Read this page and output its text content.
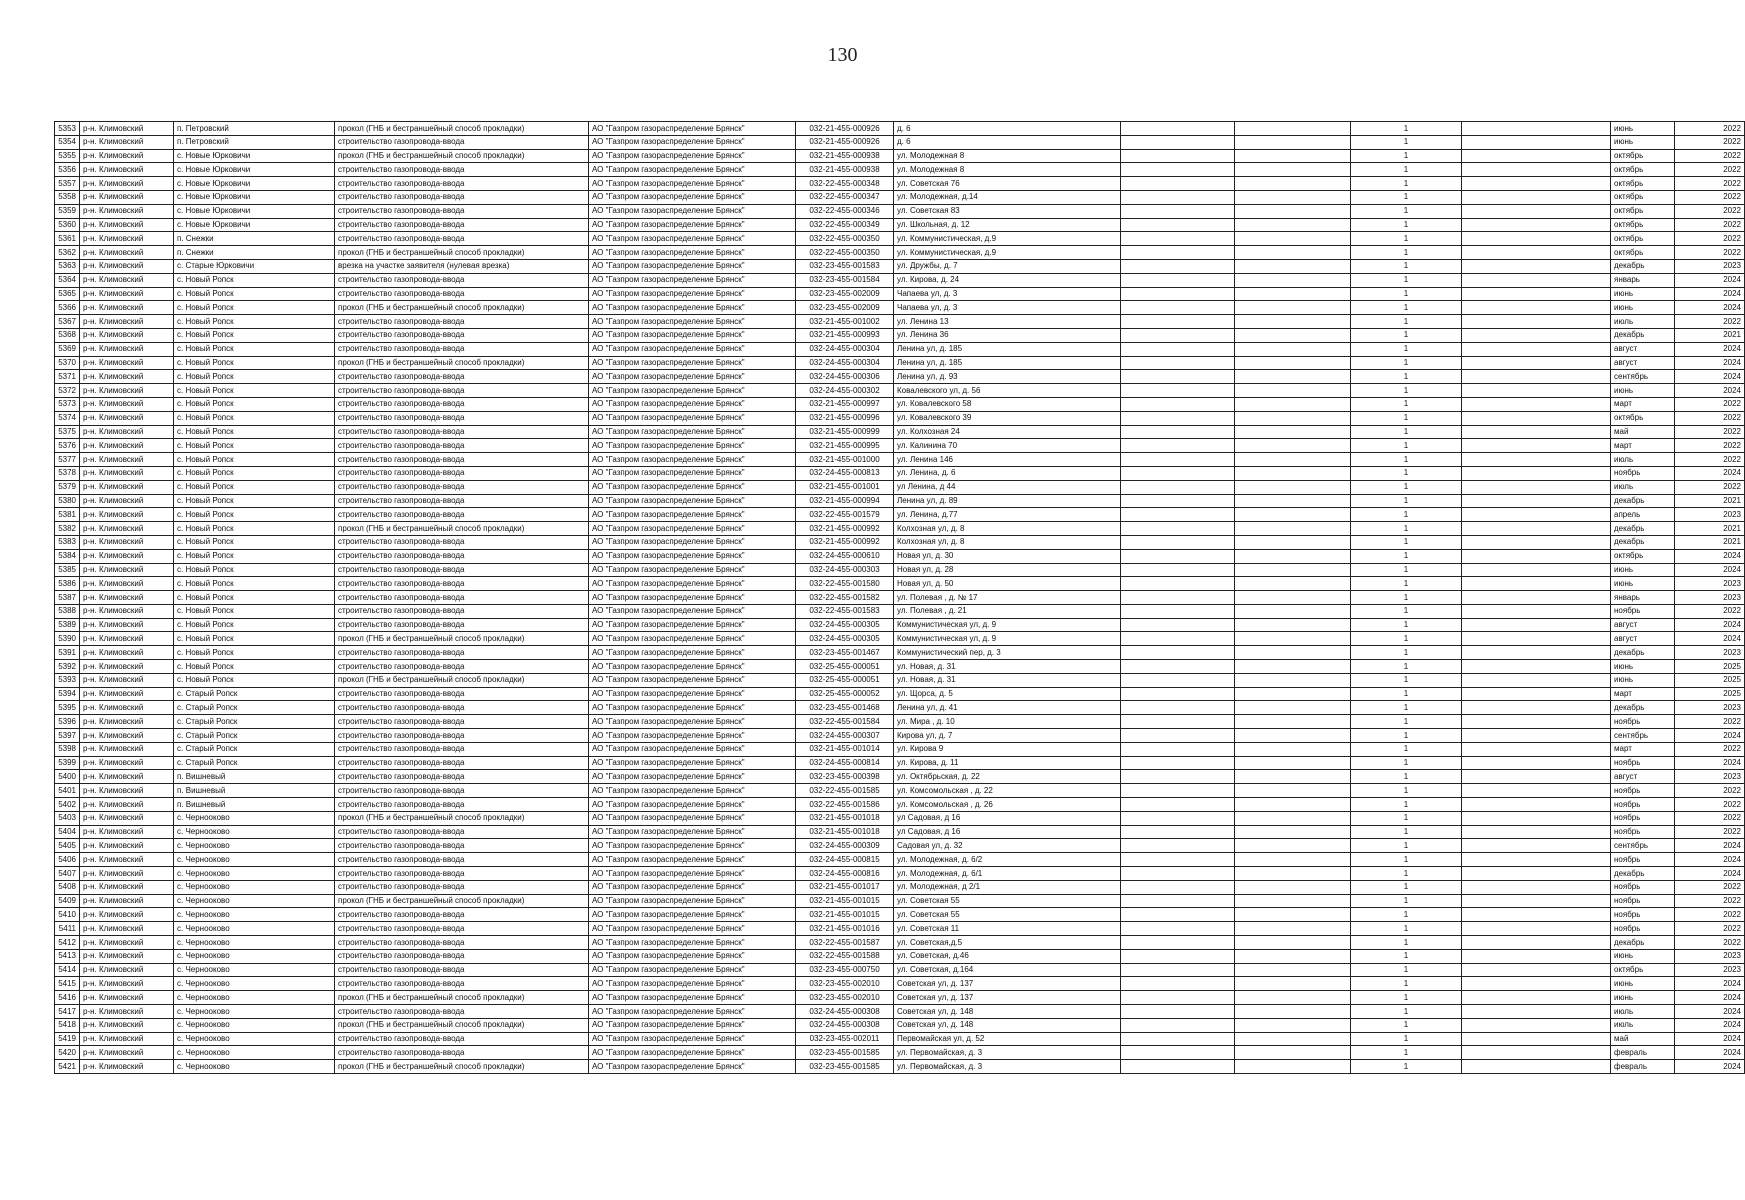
130
5353	р-н. Климовский	п. Петровский	прокол (ГНБ и бестраншейный способ прокладки)	АО "Газпром газораспределение Брянск"	032-21-455-000926	д. 6			1		июнь	2022
5354	р-н. Климовский	п. Петровский	строительство газопровода-ввода	АО "Газпром газораспределение Брянск"	032-21-455-000926	д. 6			1		июнь	2022
5355	р-н. Климовский	с. Новые Юрковичи	прокол (ГНБ и бестраншейный способ прокладки)	АО "Газпром газораспределение Брянск"	032-21-455-000938	ул. Молодежная 8			1		октябрь	2022
5356	р-н. Климовский	с. Новые Юрковичи	строительство газопровода-ввода	АО "Газпром газораспределение Брянск"	032-21-455-000938	ул. Молодежная 8			1		октябрь	2022
5357	р-н. Климовский	с. Новые Юрковичи	строительство газопровода-ввода	АО "Газпром газораспределение Брянск"	032-22-455-000348	ул. Советская 76			1		октябрь	2022
5358	р-н. Климовский	с. Новые Юрковичи	строительство газопровода-ввода	АО "Газпром газораспределение Брянск"	032-22-455-000347	ул. Молодежная, д.14			1		октябрь	2022
5359	р-н. Климовский	с. Новые Юрковичи	строительство газопровода-ввода	АО "Газпром газораспределение Брянск"	032-22-455-000346	ул. Советская 83			1		октябрь	2022
5360	р-н. Климовский	с. Новые Юрковичи	строительство газопровода-ввода	АО "Газпром газораспределение Брянск"	032-22-455-000349	ул. Школьная, д. 12			1		октябрь	2022
5361	р-н. Климовский	п. Снежки	строительство газопровода-ввода	АО "Газпром газораспределение Брянск"	032-22-455-000350	ул. Коммунистическая, д.9			1		октябрь	2022
5362	р-н. Климовский	п. Снежки	прокол (ГНБ и бестраншейный способ прокладки)	АО "Газпром газораспределение Брянск"	032-22-455-000350	ул. Коммунистическая, д.9			1		октябрь	2022
5363	р-н. Климовский	с. Старые Юрковичи	врезка на участке заявителя (нулевая врезка)	АО "Газпром газораспределение Брянск"	032-23-455-001583	ул. Дружбы, д. 7			1		декабрь	2023
5364	р-н. Климовский	с. Новый Ропск	строительство газопровода-ввода	АО "Газпром газораспределение Брянск"	032-23-455-001584	ул. Кирова, д. 24			1		январь	2024
5365	р-н. Климовский	с. Новый Ропск	строительство газопровода-ввода	АО "Газпром газораспределение Брянск"	032-23-455-002009	Чапаева ул, д. 3			1		июнь	2024
5366	р-н. Климовский	с. Новый Ропск	прокол (ГНБ и бестраншейный способ прокладки)	АО "Газпром газораспределение Брянск"	032-23-455-002009	Чапаева ул, д. 3			1		июнь	2024
5367	р-н. Климовский	с. Новый Ропск	строительство газопровода-ввода	АО "Газпром газораспределение Брянск"	032-21-455-001002	ул. Ленина 13			1		июль	2022
5368	р-н. Климовский	с. Новый Ропск	строительство газопровода-ввода	АО "Газпром газораспределение Брянск"	032-21-455-000993	ул. Ленина 36			1		декабрь	2021
5369	р-н. Климовский	с. Новый Ропск	строительство газопровода-ввода	АО "Газпром газораспределение Брянск"	032-24-455-000304	Ленина ул, д. 185			1		август	2024
5370	р-н. Климовский	с. Новый Ропск	прокол (ГНБ и бестраншейный способ прокладки)	АО "Газпром газораспределение Брянск"	032-24-455-000304	Ленина ул, д. 185			1		август	2024
5371	р-н. Климовский	с. Новый Ропск	строительство газопровода-ввода	АО "Газпром газораспределение Брянск"	032-24-455-000306	Ленина ул, д. 93			1		сентябрь	2024
5372	р-н. Климовский	с. Новый Ропск	строительство газопровода-ввода	АО "Газпром газораспределение Брянск"	032-24-455-000302	Ковалевского ул, д. 56			1		июнь	2024
5373	р-н. Климовский	с. Новый Ропск	строительство газопровода-ввода	АО "Газпром газораспределение Брянск"	032-21-455-000997	ул. Ковалевского 58			1		март	2022
5374	р-н. Климовский	с. Новый Ропск	строительство газопровода-ввода	АО "Газпром газораспределение Брянск"	032-21-455-000996	ул. Ковалевского 39			1		октябрь	2022
5375	р-н. Климовский	с. Новый Ропск	строительство газопровода-ввода	АО "Газпром газораспределение Брянск"	032-21-455-000999	ул. Колхозная 24			1		май	2022
5376	р-н. Климовский	с. Новый Ропск	строительство газопровода-ввода	АО "Газпром газораспределение Брянск"	032-21-455-000995	ул. Калинина 70			1		март	2022
5377	р-н. Климовский	с. Новый Ропск	строительство газопровода-ввода	АО "Газпром газораспределение Брянск"	032-21-455-001000	ул. Ленина 146			1		июль	2022
5378	р-н. Климовский	с. Новый Ропск	строительство газопровода-ввода	АО "Газпром газораспределение Брянск"	032-24-455-000813	ул. Ленина, д. 6			1		ноябрь	2024
5379	р-н. Климовский	с. Новый Ропск	строительство газопровода-ввода	АО "Газпром газораспределение Брянск"	032-21-455-001001	ул Ленина, д 44			1		июль	2022
5380	р-н. Климовский	с. Новый Ропск	строительство газопровода-ввода	АО "Газпром газораспределение Брянск"	032-21-455-000994	Ленина ул, д. 89			1		декабрь	2021
5381	р-н. Климовский	с. Новый Ропск	строительство газопровода-ввода	АО "Газпром газораспределение Брянск"	032-22-455-001579	ул. Ленина, д.77			1		апрель	2023
5382	р-н. Климовский	с. Новый Ропск	прокол (ГНБ и бестраншейный способ прокладки)	АО "Газпром газораспределение Брянск"	032-21-455-000992	Колхозная ул, д. 8			1		декабрь	2021
5383	р-н. Климовский	с. Новый Ропск	строительство газопровода-ввода	АО "Газпром газораспределение Брянск"	032-21-455-000992	Колхозная ул, д. 8			1		декабрь	2021
5384	р-н. Климовский	с. Новый Ропск	строительство газопровода-ввода	АО "Газпром газораспределение Брянск"	032-24-455-000610	Новая ул, д. 30			1		октябрь	2024
5385	р-н. Климовский	с. Новый Ропск	строительство газопровода-ввода	АО "Газпром газораспределение Брянск"	032-24-455-000303	Новая ул, д. 28			1		июнь	2024
5386	р-н. Климовский	с. Новый Ропск	строительство газопровода-ввода	АО "Газпром газораспределение Брянск"	032-22-455-001580	Новая ул, д. 50			1		июнь	2023
5387	р-н. Климовский	с. Новый Ропск	строительство газопровода-ввода	АО "Газпром газораспределение Брянск"	032-22-455-001582	ул. Полевая , д. № 17			1		январь	2023
5388	р-н. Климовский	с. Новый Ропск	строительство газопровода-ввода	АО "Газпром газораспределение Брянск"	032-22-455-001583	ул. Полевая , д. 21			1		ноябрь	2022
5389	р-н. Климовский	с. Новый Ропск	строительство газопровода-ввода	АО "Газпром газораспределение Брянск"	032-24-455-000305	Коммунистическая ул, д. 9			1		август	2024
5390	р-н. Климовский	с. Новый Ропск	прокол (ГНБ и бестраншейный способ прокладки)	АО "Газпром газораспределение Брянск"	032-24-455-000305	Коммунистическая ул, д. 9			1		август	2024
5391	р-н. Климовский	с. Новый Ропск	строительство газопровода-ввода	АО "Газпром газораспределение Брянск"	032-23-455-001467	Коммунистический пер, д. 3			1		декабрь	2023
5392	р-н. Климовский	с. Новый Ропск	строительство газопровода-ввода	АО "Газпром газораспределение Брянск"	032-25-455-000051	ул. Новая, д. 31			1		июнь	2025
5393	р-н. Климовский	с. Новый Ропск	прокол (ГНБ и бестраншейный способ прокладки)	АО "Газпром газораспределение Брянск"	032-25-455-000051	ул. Новая, д. 31			1		июнь	2025
5394	р-н. Климовский	с. Старый Ропск	строительство газопровода-ввода	АО "Газпром газораспределение Брянск"	032-25-455-000052	ул. Щорса, д. 5			1		март	2025
5395	р-н. Климовский	с. Старый Ропск	строительство газопровода-ввода	АО "Газпром газораспределение Брянск"	032-23-455-001468	Ленина ул, д. 41			1		декабрь	2023
5396	р-н. Климовский	с. Старый Ропск	строительство газопровода-ввода	АО "Газпром газораспределение Брянск"	032-22-455-001584	ул. Мира , д. 10			1		ноябрь	2022
5397	р-н. Климовский	с. Старый Ропск	строительство газопровода-ввода	АО "Газпром газораспределение Брянск"	032-24-455-000307	Кирова ул, д. 7			1		сентябрь	2024
5398	р-н. Климовский	с. Старый Ропск	строительство газопровода-ввода	АО "Газпром газораспределение Брянск"	032-21-455-001014	ул. Кирова 9			1		март	2022
5399	р-н. Климовский	с. Старый Ропск	строительство газопровода-ввода	АО "Газпром газораспределение Брянск"	032-24-455-000814	ул. Кирова, д. 11			1		ноябрь	2024
5400	р-н. Климовский	п. Вишневый	строительство газопровода-ввода	АО "Газпром газораспределение Брянск"	032-23-455-000398	ул. Октябрьская, д. 22			1		август	2023
5401	р-н. Климовский	п. Вишневый	строительство газопровода-ввода	АО "Газпром газораспределение Брянск"	032-22-455-001585	ул. Комсомольская , д. 22			1		ноябрь	2022
5402	р-н. Климовский	п. Вишневый	строительство газопровода-ввода	АО "Газпром газораспределение Брянск"	032-22-455-001586	ул. Комсомольская , д. 26			1		ноябрь	2022
5403	р-н. Климовский	с. Чернооково	прокол (ГНБ и бестраншейный способ прокладки)	АО "Газпром газораспределение Брянск"	032-21-455-001018	ул Садовая, д 16			1		ноябрь	2022
5404	р-н. Климовский	с. Чернооково	строительство газопровода-ввода	АО "Газпром газораспределение Брянск"	032-21-455-001018	ул Садовая, д 16			1		ноябрь	2022
5405	р-н. Климовский	с. Чернооково	строительство газопровода-ввода	АО "Газпром газораспределение Брянск"	032-24-455-000309	Садовая ул, д. 32			1		сентябрь	2024
5406	р-н. Климовский	с. Чернооково	строительство газопровода-ввода	АО "Газпром газораспределение Брянск"	032-24-455-000815	ул. Молодежная, д. 6/2			1		ноябрь	2024
5407	р-н. Климовский	с. Чернооково	строительство газопровода-ввода	АО "Газпром газораспределение Брянск"	032-24-455-000816	ул. Молодежная, д. 6/1			1		декабрь	2024
5408	р-н. Климовский	с. Чернооково	строительство газопровода-ввода	АО "Газпром газораспределение Брянск"	032-21-455-001017	ул. Молодежная, д 2/1			1		ноябрь	2022
5409	р-н. Климовский	с. Чернооково	прокол (ГНБ и бестраншейный способ прокладки)	АО "Газпром газораспределение Брянск"	032-21-455-001015	ул. Советская 55			1		ноябрь	2022
5410	р-н. Климовский	с. Чернооково	строительство газопровода-ввода	АО "Газпром газораспределение Брянск"	032-21-455-001015	ул. Советская 55			1		ноябрь	2022
5411	р-н. Климовский	с. Чернооково	строительство газопровода-ввода	АО "Газпром газораспределение Брянск"	032-21-455-001016	ул. Советская 11			1		ноябрь	2022
5412	р-н. Климовский	с. Чернооково	строительство газопровода-ввода	АО "Газпром газораспределение Брянск"	032-22-455-001587	ул. Советская,д.5			1		декабрь	2022
5413	р-н. Климовский	с. Чернооково	строительство газопровода-ввода	АО "Газпром газораспределение Брянск"	032-22-455-001588	ул. Советская, д.46			1		июнь	2023
5414	р-н. Климовский	с. Чернооково	строительство газопровода-ввода	АО "Газпром газораспределение Брянск"	032-23-455-000750	ул. Советская, д.164			1		октябрь	2023
5415	р-н. Климовский	с. Чернооково	строительство газопровода-ввода	АО "Газпром газораспределение Брянск"	032-23-455-002010	Советская ул, д. 137			1		июнь	2024
5416	р-н. Климовский	с. Чернооково	прокол (ГНБ и бестраншейный способ прокладки)	АО "Газпром газораспределение Брянск"	032-23-455-002010	Советская ул, д. 137			1		июнь	2024
5417	р-н. Климовский	с. Чернооково	строительство газопровода-ввода	АО "Газпром газораспределение Брянск"	032-24-455-000308	Советская ул, д. 148			1		июль	2024
5418	р-н. Климовский	с. Чернооково	прокол (ГНБ и бестраншейный способ прокладки)	АО "Газпром газораспределение Брянск"	032-24-455-000308	Советская ул, д. 148			1		июль	2024
5419	р-н. Климовский	с. Чернооково	строительство газопровода-ввода	АО "Газпром газораспределение Брянск"	032-23-455-002011	Первомайская ул, д. 52			1		май	2024
5420	р-н. Климовский	с. Чернооково	строительство газопровода-ввода	АО "Газпром газораспределение Брянск"	032-23-455-001585	ул. Первомайская, д. 3			1		февраль	2024
5421	р-н. Климовский	с. Чернооково	прокол (ГНБ и бестраншейный способ прокладки)	АО "Газпром газораспределение Брянск"	032-23-455-001585	ул. Первомайская, д. 3			1		февраль	2024
